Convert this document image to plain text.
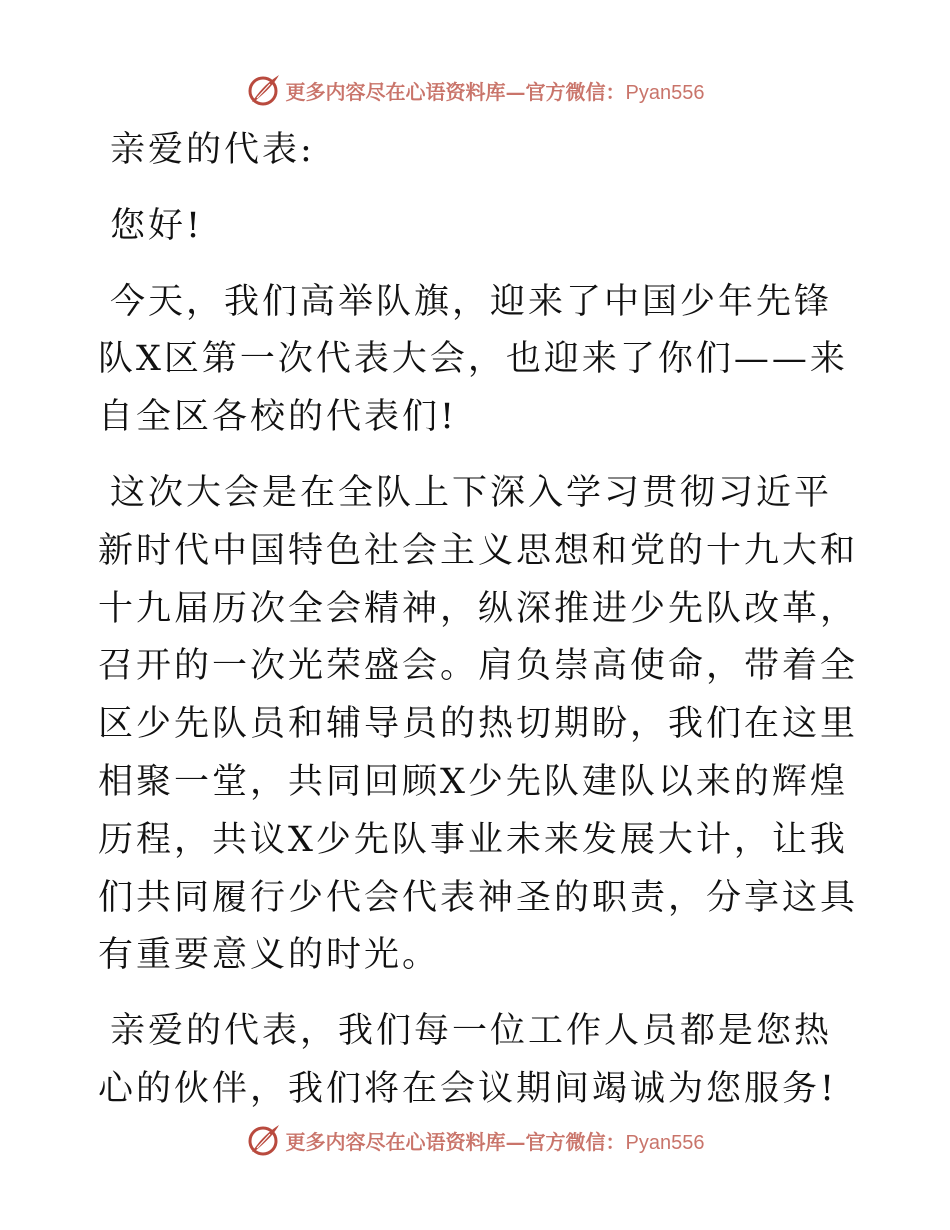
更多内容尽在心语资料库—官方微信：Pyan556

亲爱的代表:

您好!

今天，我们高举队旗，迎来了中国少年先锋队X区第一次代表大会，也迎来了你们——来自全区各校的代表们!

这次大会是在全队上下深入学习贯彻习近平新时代中国特色社会主义思想和党的十九大和十九届历次全会精神，纵深推进少先队改革，召开的一次光荣盛会。肩负崇高使命，带着全区少先队员和辅导员的热切期盼，我们在这里相聚一堂，共同回顾X少先队建队以来的辉煌历程，共议X少先队事业未来发展大计，让我们共同履行少代会代表神圣的职责，分享这具有重要意义的时光。

亲爱的代表，我们每一位工作人员都是您热心的伙伴，我们将在会议期间竭诚为您服务!

更多内容尽在心语资料库—官方微信：Pyan556
